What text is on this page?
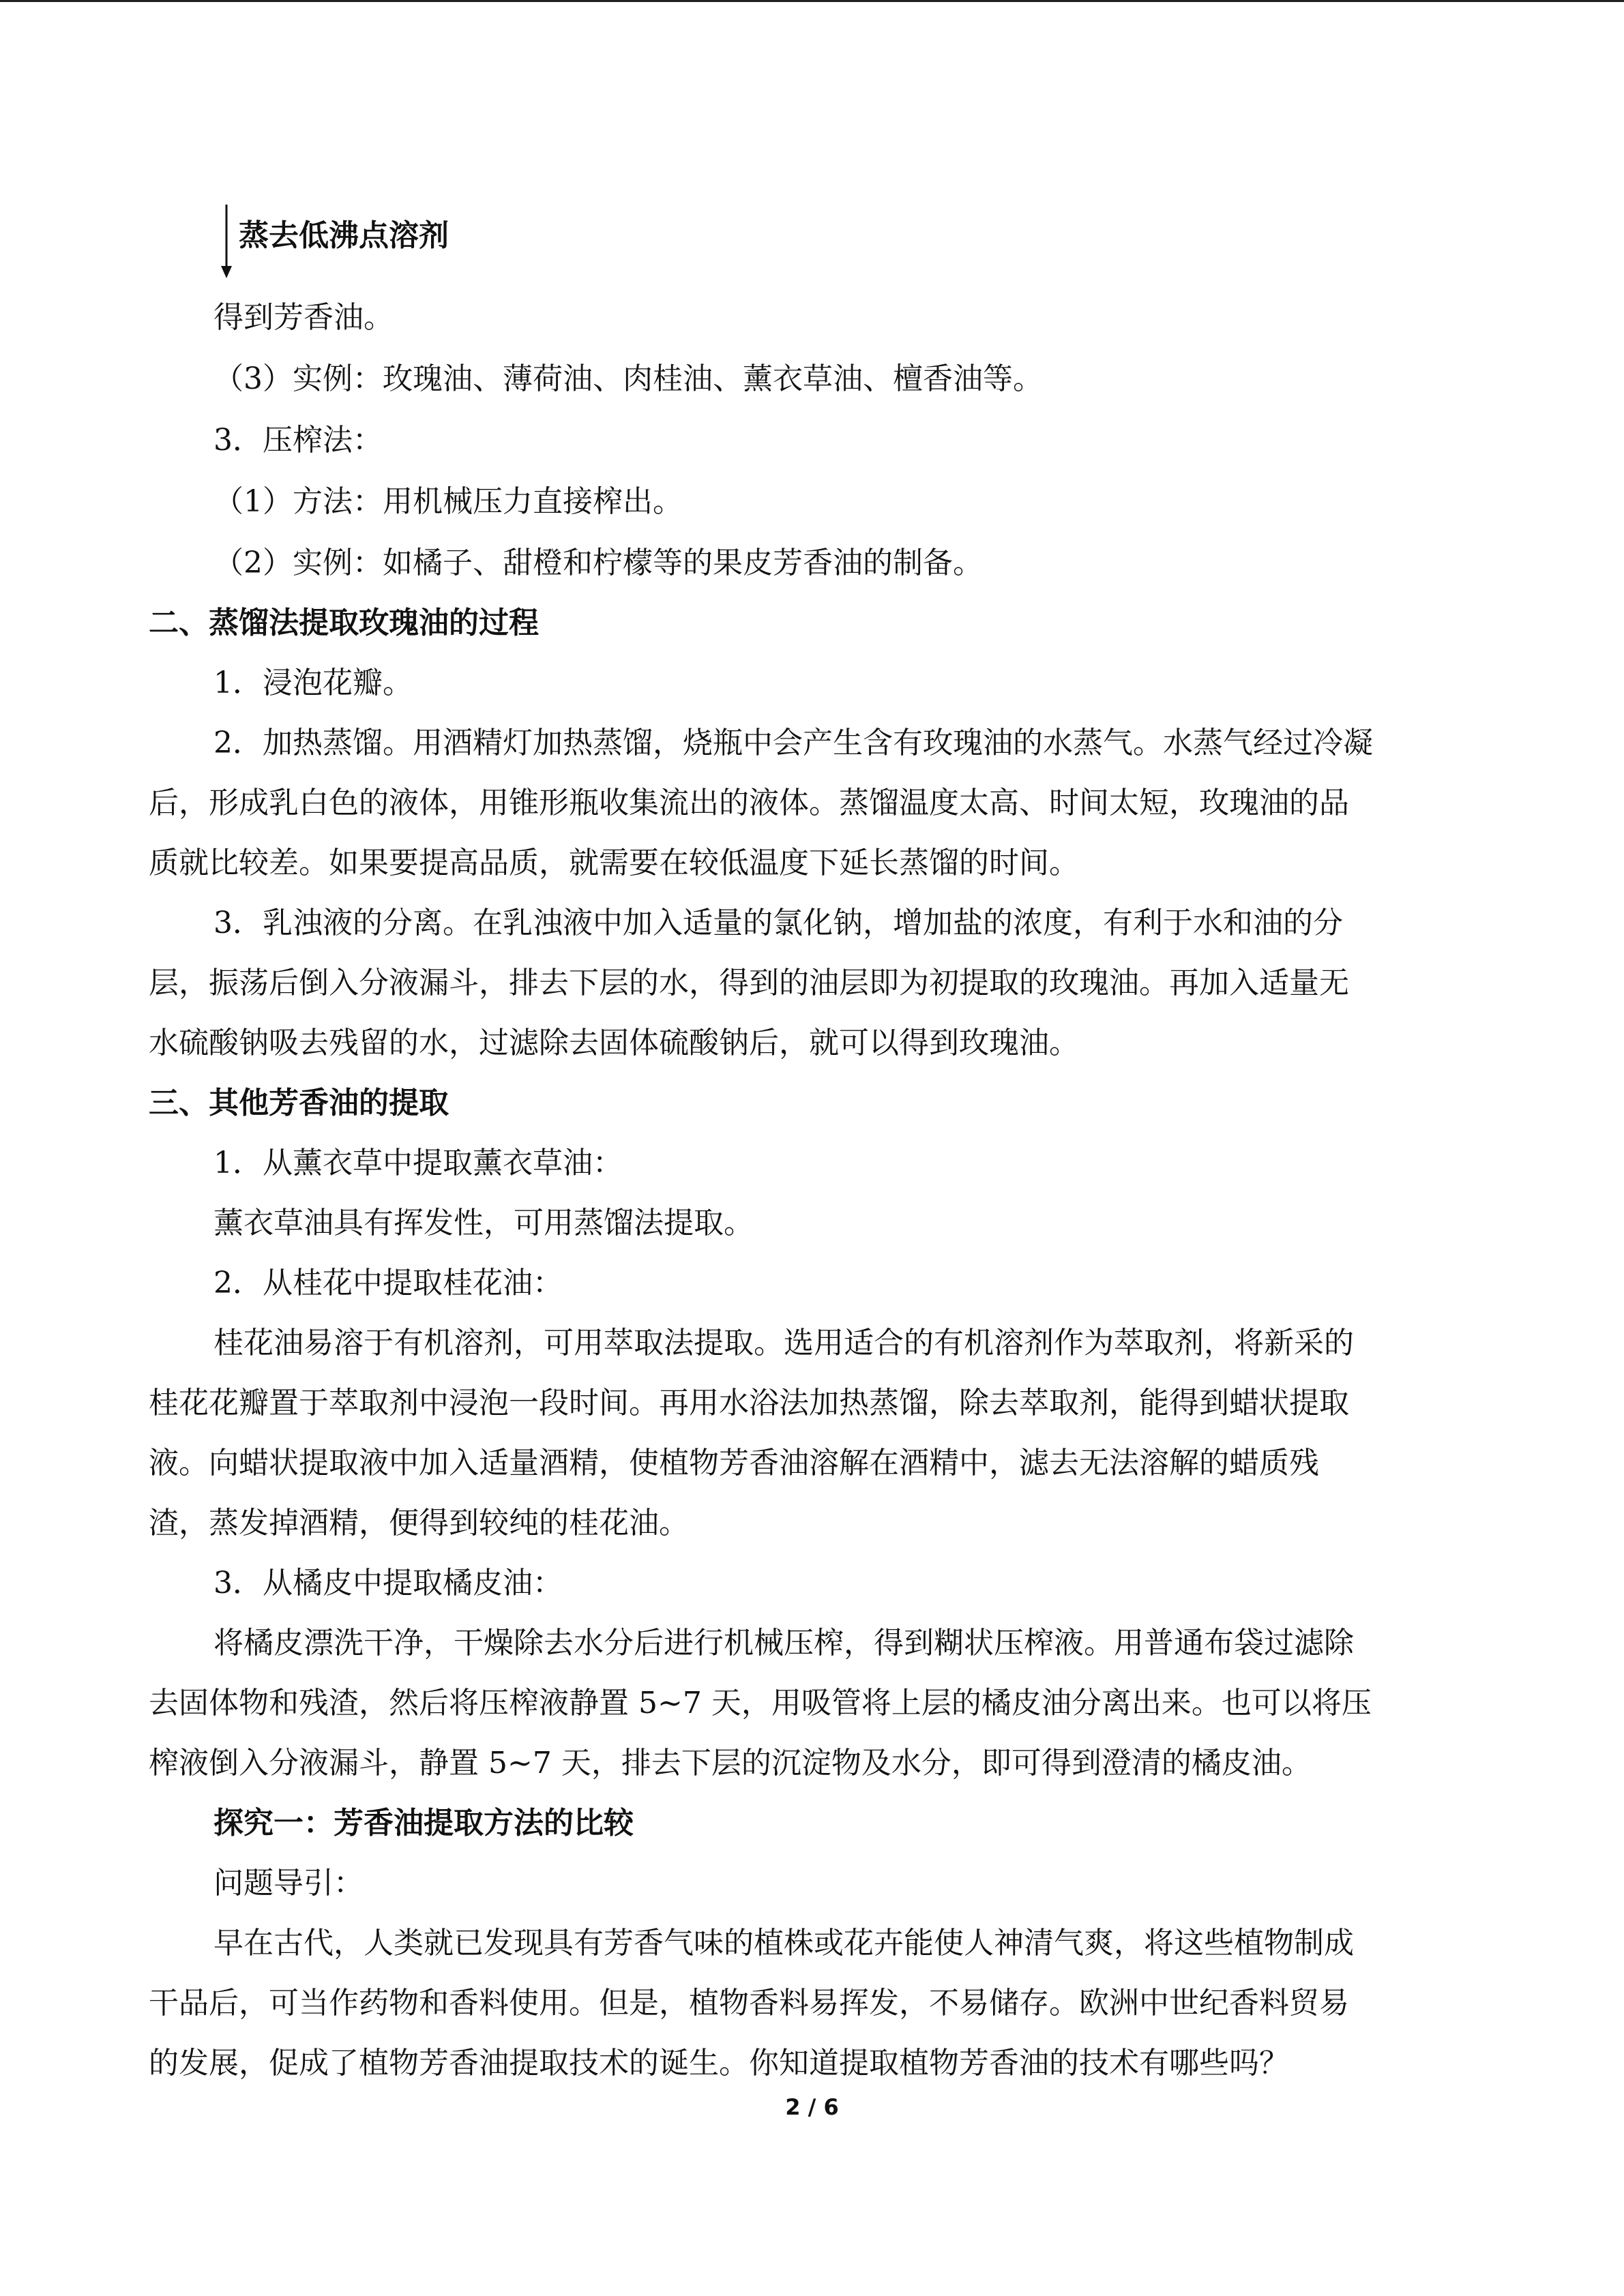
蒸去低沸点溶剂
得到芳香油。
（3）实例：玫瑰油、薄荷油、肉桂油、薰衣草油、檀香油等。
3．压榨法：
（1）方法：用机械压力直接榨出。
（2）实例：如橘子、甜橙和柠檬等的果皮芳香油的制备。
二、蒸馏法提取玫瑰油的过程
1．浸泡花瓣。
2．加热蒸馏。用酒精灯加热蒸馏，烧瓶中会产生含有玫瑰油的水蒸气。水蒸气经过冷凝
后，形成乳白色的液体，用锥形瓶收集流出的液体。蒸馏温度太高、时间太短，玫瑰油的品
质就比较差。如果要提高品质，就需要在较低温度下延长蒸馏的时间。
3．乳浊液的分离。在乳浊液中加入适量的氯化钠，增加盐的浓度，有利于水和油的分
层，振荡后倒入分液漏斗，排去下层的水，得到的油层即为初提取的玫瑰油。再加入适量无
水硫酸钠吸去残留的水，过滤除去固体硫酸钠后，就可以得到玫瑰油。
三、其他芳香油的提取
1．从薰衣草中提取薰衣草油：
薰衣草油具有挥发性，可用蒸馏法提取。
2．从桂花中提取桂花油：
桂花油易溶于有机溶剂，可用萃取法提取。选用适合的有机溶剂作为萃取剂，将新采的
桂花花瓣置于萃取剂中浸泡一段时间。再用水浴法加热蒸馏，除去萃取剂，能得到蜡状提取
液。向蜡状提取液中加入适量酒精，使植物芳香油溶解在酒精中，滤去无法溶解的蜡质残
渣，蒸发掉酒精，便得到较纯的桂花油。
3．从橘皮中提取橘皮油：
将橘皮漂洗干净，干燥除去水分后进行机械压榨，得到糊状压榨液。用普通布袋过滤除
去固体物和残渣，然后将压榨液静置 5~7 天，用吸管将上层的橘皮油分离出来。也可以将压
榨液倒入分液漏斗，静置 5~7 天，排去下层的沉淀物及水分，即可得到澄清的橘皮油。
探究一：芳香油提取方法的比较
问题导引：
早在古代，人类就已发现具有芳香气味的植株或花卉能使人神清气爽，将这些植物制成
干品后，可当作药物和香料使用。但是，植物香料易挥发，不易储存。欧洲中世纪香料贸易
的发展，促成了植物芳香油提取技术的诞生。你知道提取植物芳香油的技术有哪些吗？
2 / 6
